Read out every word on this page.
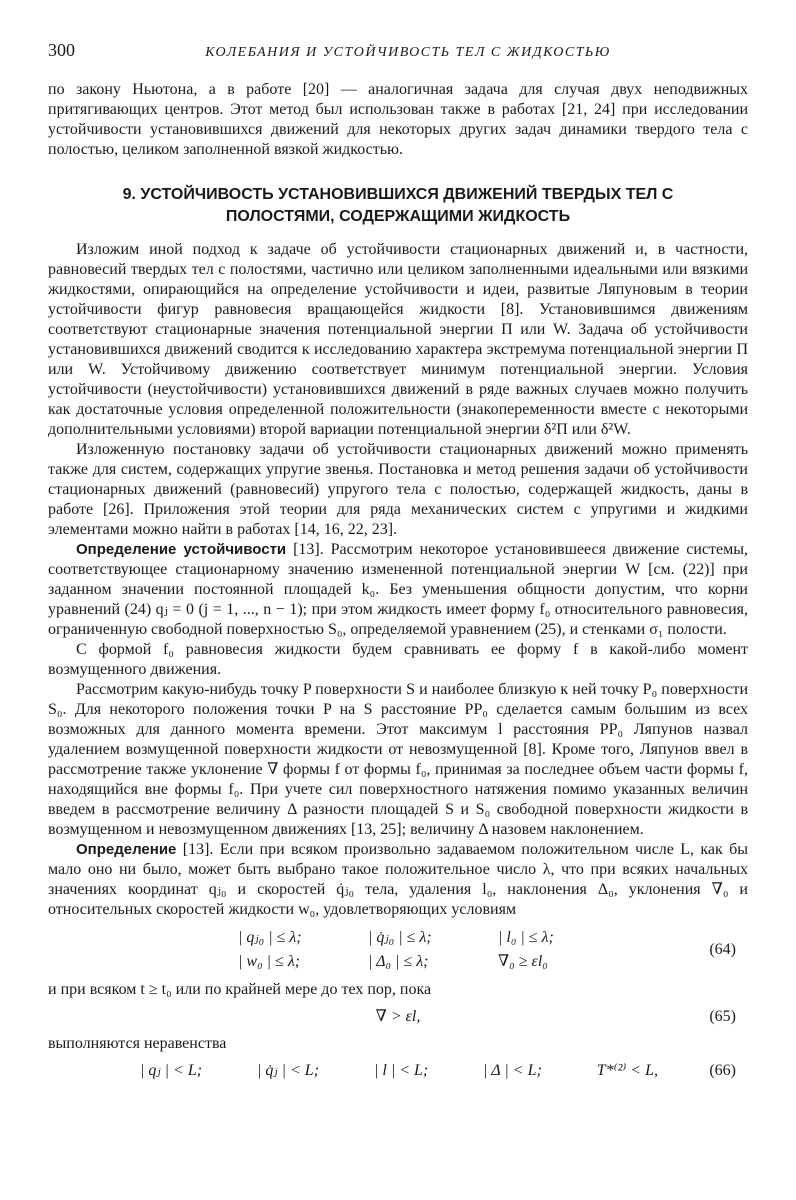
300	КОЛЕБАНИЯ И УСТОЙЧИВОСТЬ ТЕЛ С ЖИДКОСТЬЮ

по закону Ньютона, а в работе [20] — аналогичная задача для случая двух неподвижных притягивающих центров. Этот метод был использован также в работах [21, 24] при исследовании устойчивости установившихся движений для некоторых других задач динамики твердого тела с полостью, целиком заполненной вязкой жидкостью.

9. УСТОЙЧИВОСТЬ УСТАНОВИВШИХСЯ ДВИЖЕНИЙ ТВЕРДЫХ ТЕЛ С ПОЛОСТЯМИ, СОДЕРЖАЩИМИ ЖИДКОСТЬ

Изложим иной подход к задаче об устойчивости стационарных движений и, в частности, равновесий твердых тел с полостями, частично или целиком заполненными идеальными или вязкими жидкостями, опирающийся на определение устойчивости и идеи, развитые Ляпуновым в теории устойчивости фигур равновесия вращающейся жидкости [8]. Установившимся движениям соответствуют стационарные значения потенциальной энергии Π или W. Задача об устойчивости установившихся движений сводится к исследованию характера экстремума потенциальной энергии Π или W. Устойчивому движению соответствует минимум потенциальной энергии. Условия устойчивости (неустойчивости) установившихся движений в ряде важных случаев можно получить как достаточные условия определенной положительности (знакопеременности вместе с некоторыми дополнительными условиями) второй вариации потенциальной энергии δ²Π или δ²W.

Изложенную постановку задачи об устойчивости стационарных движений можно применять также для систем, содержащих упругие звенья. Постановка и метод решения задачи об устойчивости стационарных движений (равновесий) упругого тела с полостью, содержащей жидкость, даны в работе [26]. Приложения этой теории для ряда механических систем с упругими и жидкими элементами можно найти в работах [14, 16, 22, 23].

Определение устойчивости [13]. Рассмотрим некоторое установившееся движение системы, соответствующее стационарному значению измененной потенциальной энергии W [см. (22)] при заданном значении постоянной площадей k₀. Без уменьшения общности допустим, что корни уравнений (24) qⱼ = 0 (j = 1, ..., n − 1); при этом жидкость имеет форму f₀ относительного равновесия, ограниченную свободной поверхностью S₀, определяемой уравнением (25), и стенками σ₁ полости.

С формой f₀ равновесия жидкости будем сравнивать ее форму f в какой-либо момент возмущенного движения.

Рассмотрим какую-нибудь точку P поверхности S и наиболее близкую к ней точку P₀ поверхности S₀. Для некоторого положения точки P на S расстояние PP₀ сделается самым большим из всех возможных для данного момента времени. Этот максимум l расстояния PP₀ Ляпунов назвал удалением возмущенной поверхности жидкости от невозмущенной [8]. Кроме того, Ляпунов ввел в рассмотрение также уклонение ∇ формы f от формы f₀, принимая за последнее объем части формы f, находящийся вне формы f₀. При учете сил поверхностного натяжения помимо указанных величин введем в рассмотрение величину Δ разности площадей S и S₀ свободной поверхности жидкости в возмущенном и невозмущенном движениях [13, 25]; величину Δ назовем наклонением.

Определение [13]. Если при всяком произвольно задаваемом положительном числе L, как бы мало оно ни было, может быть выбрано такое положительное число λ, что при всяких начальных значениях координат qⱼ₀ и скоростей q̇ⱼ₀ тела, удаления l₀, наклонения Δ₀, уклонения ∇₀ и относительных скоростей жидкости w₀, удовлетворяющих условиям

| qⱼ₀ | ≤ λ;	| q̇ⱼ₀ | ≤ λ;	| l₀ | ≤ λ;
| w₀ | ≤ λ;	| Δ₀ | ≤ λ;	∇₀ ≥ εl₀
(64)

и при всяком t ≥ t₀ или по крайней мере до тех пор, пока

∇ > εl,	(65)

выполняются неравенства

| qⱼ | < L;	| q̇ⱼ | < L;	| l | < L;	| Δ | < L;	T*⁽²⁾ < L,	(66)
